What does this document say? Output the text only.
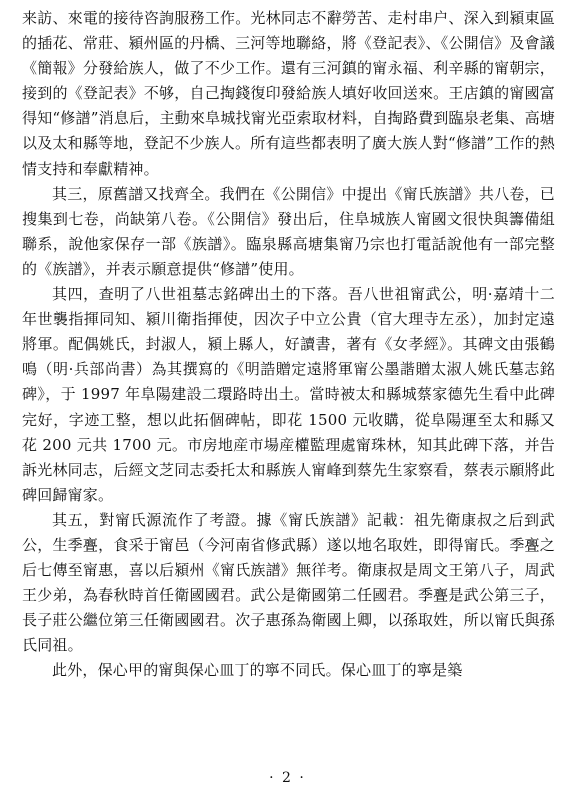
来訪、來電的接待咨詢服務工作。光林同志不辭勞苦、走村串户、深入到潁東區的插花、常莊、潁州區的丹橋、三河等地聯絡，將《登記表》、《公開信》及會議《簡報》分發給族人，做了不少工作。還有三河鎮的甯永福、利辛縣的甯朝宗，接到的《登記表》不够，自己掏錢復印發給族人填好收回送來。王店鎮的甯國富得知“修譜”消息后，主動來阜城找甯光亞索取材料，自掏路費到臨泉老集、高塘以及太和縣等地，登記不少族人。所有這些都表明了廣大族人對“修譜”工作的熱情支持和奉獻精神。

其三，原舊譜又找齊全。我們在《公開信》中提出《甯氏族譜》共八卷，已搜集到七卷，尚缺第八卷。《公開信》發出后，住阜城族人甯國文很快與籌備組聯系，說他家保存一部《族譜》。臨泉縣高塘集甯乃宗也打電話說他有一部完整的《族譜》，并表示願意提供“修譜”使用。

其四，查明了八世祖墓志銘碑出土的下落。吾八世祖甯武公，明·嘉靖十二年世襲指揮同知、潁川衛指揮使，因次子中立公貴（官大理寺左丞），加封定遠將軍。配偶姚氏，封淑人，潁上縣人，好讀書，著有《女孝經》。其碑文由張鶴鳴（明·兵部尚書）為其撰寫的《明誥贈定遠將軍甯公墨諧贈太淑人姚氏墓志銘碑》，于 1997 年阜陽建設二環路時出土。當時被太和縣城蔡家德先生看中此碑完好，字迹工整，想以此拓個碑帖，即花 1500 元收購，從阜陽運至太和縣又花 200 元共 1700 元。市房地産市場産權監理處甯珠林，知其此碑下落，并告訴光林同志，后經文芝同志委托太和縣族人甯峰到蔡先生家察看，蔡表示願將此碑回歸甯家。

其五，對甯氏源流作了考證。據《甯氏族譜》記載：祖先衛康叔之后到武公，生季亹，食采于甯邑（今河南省修武縣）遂以地名取姓，即得甯氏。季亹之后七傳至甯惠，喜以后潁州《甯氏族譜》無徉考。衛康叔是周文王第八子，周武王少弟，為春秋時首任衛國國君。武公是衛國第二任國君。季亹是武公第三子，長子莊公繼位第三任衛國國君。次子惠孫為衛國上卿，以孫取姓，所以甯氏與孫氏同祖。

此外，保心甲的甯與保心皿丁的寧不同氏。保心皿丁的寧是築

· 2 ·
